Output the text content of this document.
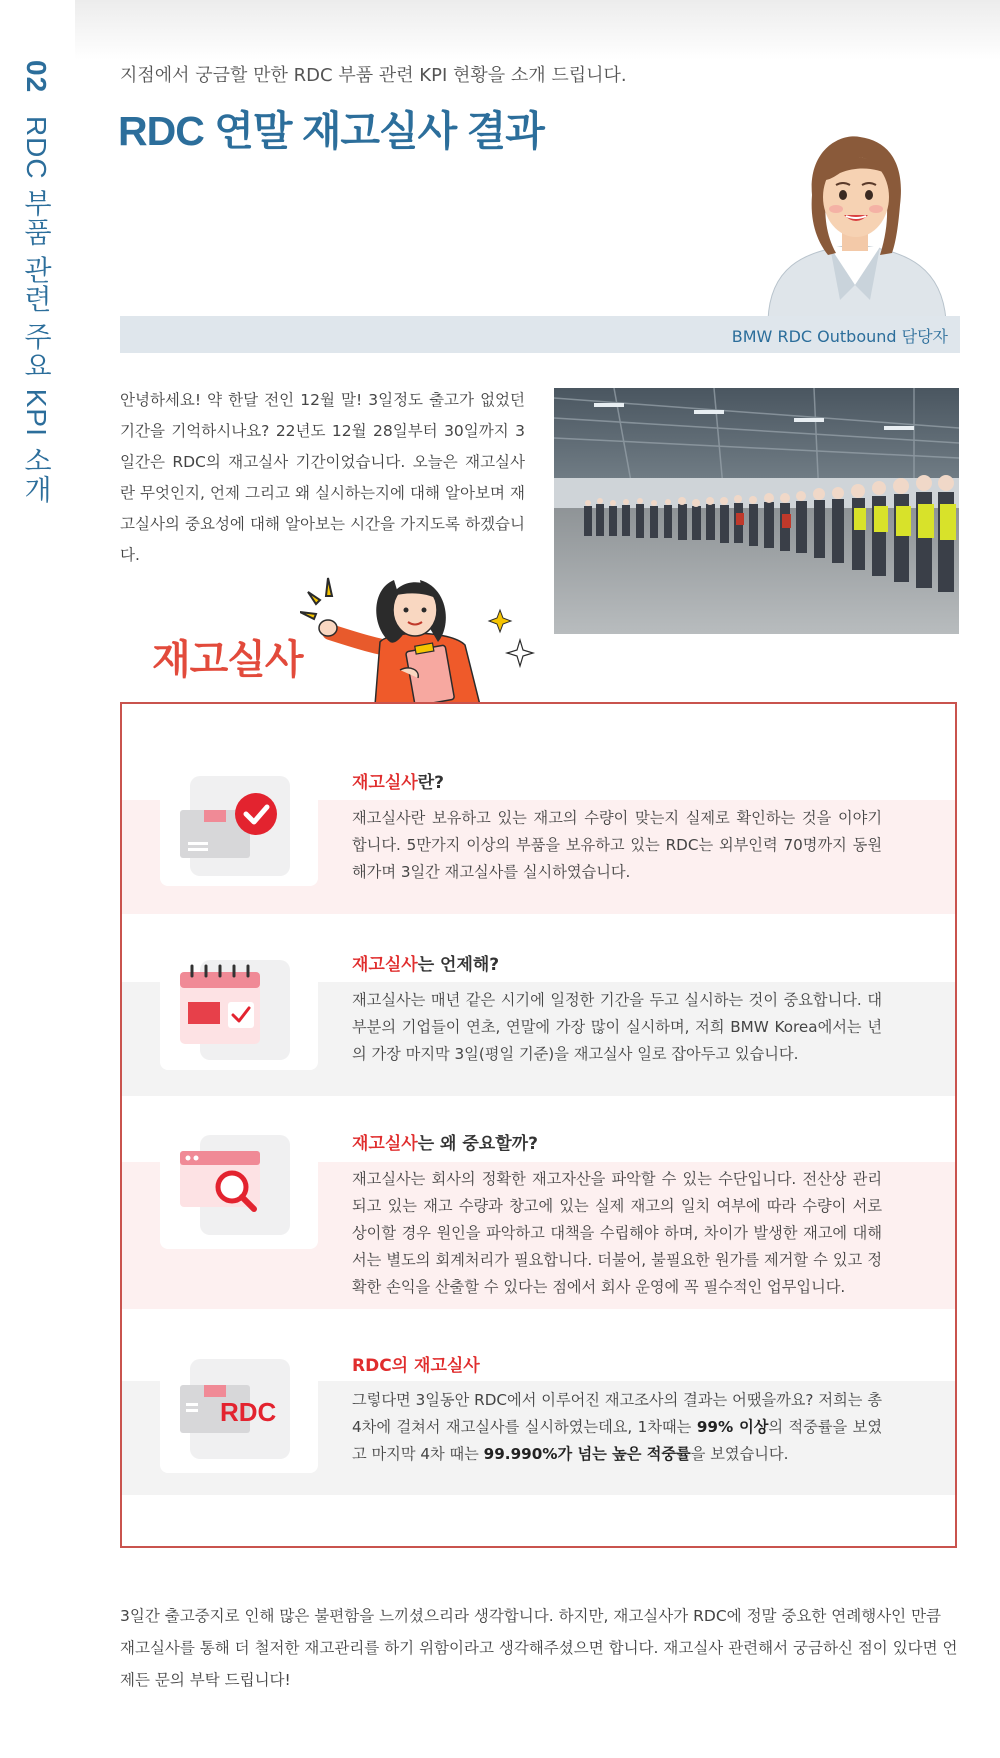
02 RDC 부품 관련 주요 KPI 소개
지점에서 궁금할 만한 RDC 부품 관련 KPI 현황을 소개 드립니다.
RDC 연말 재고실사 결과
BMW RDC Outbound 담당자

안녕하세요! 약 한달 전인 12월 말! 3일정도 출고가 없었던 기간을 기억하시나요? 22년도 12월 28일부터 30일까지 3일간은 RDC의 재고실사 기간이었습니다. 오늘은 재고실사란 무엇인지, 언제 그리고 왜 실시하는지에 대해 알아보며 재고실사의 중요성에 대해 알아보는 시간을 가지도록 하겠습니다.

재고실사
재고실사란?

재고실사란 보유하고 있는 재고의 수량이 맞는지 실제로 확인하는 것을 이야기 합니다. 5만가지 이상의 부품을 보유하고 있는 RDC는 외부인력 70명까지 동원해가며 3일간 재고실사를 실시하였습니다.

재고실사는 언제해?

재고실사는 매년 같은 시기에 일정한 기간을 두고 실시하는 것이 중요합니다. 대부분의 기업들이 연초, 연말에 가장 많이 실시하며, 저희 BMW Korea에서는 년의 가장 마지막 3일(평일 기준)을 재고실사 일로 잡아두고 있습니다.

재고실사는 왜 중요할까?

재고실사는 회사의 정확한 재고자산을 파악할 수 있는 수단입니다. 전산상 관리되고 있는 재고 수량과 창고에 있는 실제 재고의 일치 여부에 따라 수량이 서로 상이할 경우 원인을 파악하고 대책을 수립해야 하며, 차이가 발생한 재고에 대해서는 별도의 회계처리가 필요합니다. 더불어, 불필요한 원가를 제거할 수 있고 정확한 손익을 산출할 수 있다는 점에서 회사 운영에 꼭 필수적인 업무입니다.

RDC
RDC의 재고실사

그렇다면 3일동안 RDC에서 이루어진 재고조사의 결과는 어땠을까요? 저희는 총 4차에 걸쳐서 재고실사를 실시하였는데요, 1차때는 99% 이상의 적중률을 보였고 마지막 4차 때는 99.990%가 넘는 높은 적중률을 보였습니다.

3일간 출고중지로 인해 많은 불편함을 느끼셨으리라 생각합니다. 하지만, 재고실사가 RDC에 정말 중요한 연례행사인 만큼 재고실사를 통해 더 철저한 재고관리를 하기 위함이라고 생각해주셨으면 합니다. 재고실사 관련해서 궁금하신 점이 있다면 언제든 문의 부탁 드립니다!
